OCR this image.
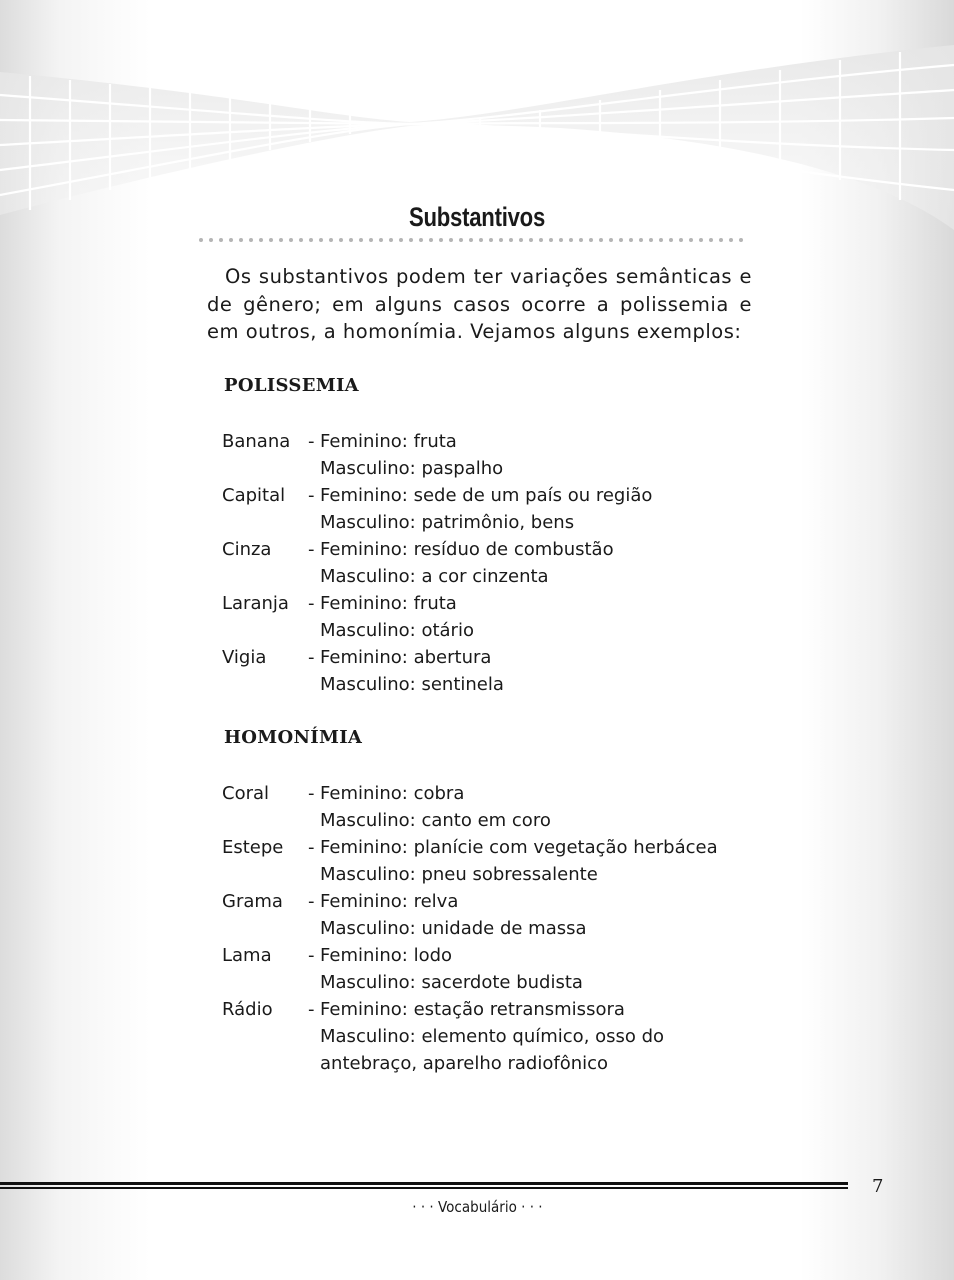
Substantivos

Os substantivos podem ter variações semânticas e de gênero; em alguns casos ocorre a polissemia e em outros, a homonímia. Vejamos alguns exemplos:

POLISSEMIA
Banana - Feminino: fruta
Masculino: paspalho
Capital	- Feminino: sede de um país ou região
Masculino: patrimônio, bens
Cinza	- Feminino: resíduo de combustão
Masculino: a cor cinzenta
Laranja	- Feminino: fruta
Masculino: otário
Vigia	- Feminino: abertura
Masculino: sentinela
HOMONÍMIA
Coral	- Feminino: cobra
Masculino: canto em coro
Estepe	- Feminino: planície com vegetação herbácea
Masculino: pneu sobressalente
Grama	- Feminino: relva
Masculino: unidade de massa
Lama	- Feminino: lodo
Masculino: sacerdote budista
Rádio	- Feminino: estação retransmissora
Masculino: elemento químico, osso do
antebraço, aparelho radiofônico
7
· · · Vocabulário · · ·
